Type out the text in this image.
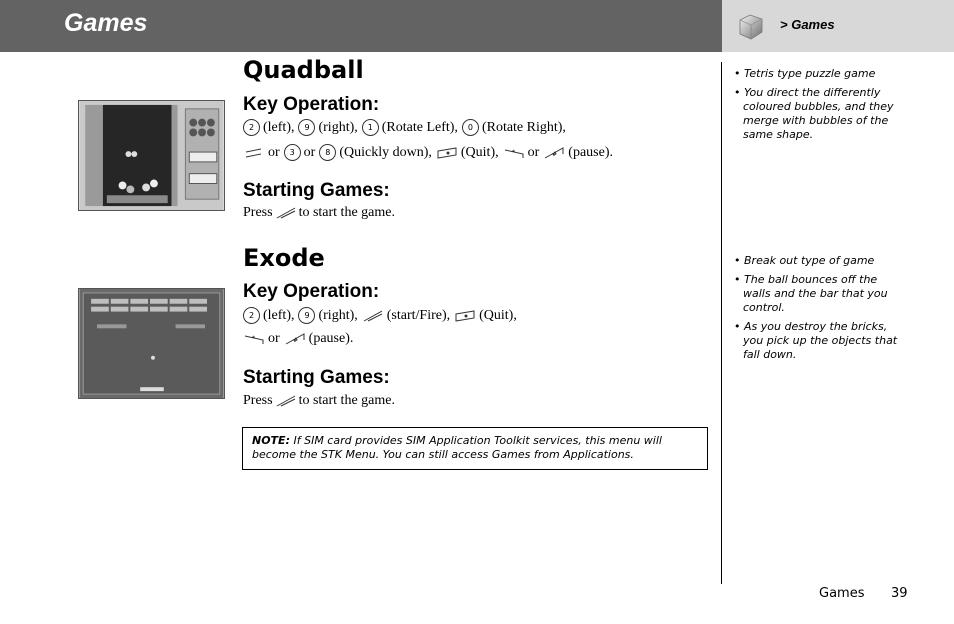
Games	> Games
Quadball
Key Operation:
2 (left),	9 (right),	1 (Rotate Left),	0 (Rotate Right),
or	3 or	8 (Quickly down), (Quit), * or # (pause).
Starting Games:
Press to start the game.
• Tetris type puzzle game
• You direct the differently coloured bubbles, and they merge with bubbles of the same shape.
Exode
Key Operation:
2 (left),	9 (right), (start/Fire), (Quit),
* or # (pause).
Starting Games:
Press to start the game.
• Break out type of game
• The ball bounces off the walls and the bar that you control.
• As you destroy the bricks, you pick up the objects that fall down.
NOTE: If SIM card provides SIM Application Toolkit services, this menu will become the STK Menu. You can still access Games from Applications.
Games 39
